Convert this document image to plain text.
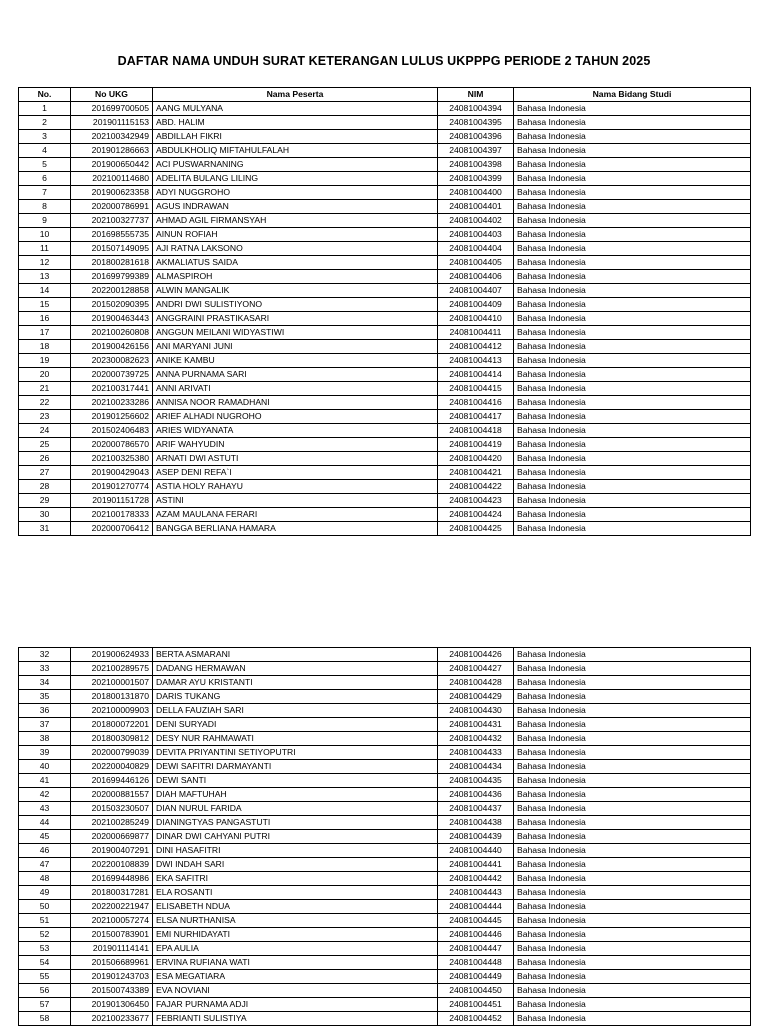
DAFTAR NAMA UNDUH SURAT KETERANGAN LULUS UKPPPG PERIODE 2 TAHUN 2025
No.	No UKG	Nama Peserta	NIM	Nama Bidang Studi
1	201699700505	AANG MULYANA	24081004394	Bahasa Indonesia
2	201901115153	ABD. HALIM	24081004395	Bahasa Indonesia
3	202100342949	ABDILLAH FIKRI	24081004396	Bahasa Indonesia
4	201901286663	ABDULKHOLIQ MIFTAHULFALAH	24081004397	Bahasa Indonesia
5	201900650442	ACI PUSWARNANING	24081004398	Bahasa Indonesia
6	202100114680	ADELITA BULANG LILING	24081004399	Bahasa Indonesia
7	201900623358	ADYI NUGGROHO	24081004400	Bahasa Indonesia
8	202000786991	AGUS INDRAWAN	24081004401	Bahasa Indonesia
9	202100327737	AHMAD AGIL FIRMANSYAH	24081004402	Bahasa Indonesia
10	201698555735	AINUN ROFIAH	24081004403	Bahasa Indonesia
11	201507149095	AJI RATNA LAKSONO	24081004404	Bahasa Indonesia
12	201800281618	AKMALIATUS SAIDA	24081004405	Bahasa Indonesia
13	201699799389	ALMASPIROH	24081004406	Bahasa Indonesia
14	202200128858	ALWIN MANGALIK	24081004407	Bahasa Indonesia
15	201502090395	ANDRI DWI SULISTIYONO	24081004409	Bahasa Indonesia
16	201900463443	ANGGRAINI PRASTIKASARI	24081004410	Bahasa Indonesia
17	202100260808	ANGGUN MEILANI WIDYASTIWI	24081004411	Bahasa Indonesia
18	201900426156	ANI MARYANI JUNI	24081004412	Bahasa Indonesia
19	202300082623	ANIKE KAMBU	24081004413	Bahasa Indonesia
20	202000739725	ANNA PURNAMA SARI	24081004414	Bahasa Indonesia
21	202100317441	ANNI ARIVATI	24081004415	Bahasa Indonesia
22	202100233286	ANNISA NOOR RAMADHANI	24081004416	Bahasa Indonesia
23	201901256602	ARIEF ALHADI NUGROHO	24081004417	Bahasa Indonesia
24	201502406483	ARIES WIDYANATA	24081004418	Bahasa Indonesia
25	202000786570	ARIF WAHYUDIN	24081004419	Bahasa Indonesia
26	202100325380	ARNATI DWI ASTUTI	24081004420	Bahasa Indonesia
27	201900429043	ASEP DENI REFA`I	24081004421	Bahasa Indonesia
28	201901270774	ASTIA HOLY RAHAYU	24081004422	Bahasa Indonesia
29	201901151728	ASTINI	24081004423	Bahasa Indonesia
30	202100178333	AZAM MAULANA FERARI	24081004424	Bahasa Indonesia
31	202000706412	BANGGA BERLIANA HAMARA	24081004425	Bahasa Indonesia
32	201900624933	BERTA ASMARANI	24081004426	Bahasa Indonesia
33	202100289575	DADANG HERMAWAN	24081004427	Bahasa Indonesia
34	202100001507	DAMAR AYU KRISTANTI	24081004428	Bahasa Indonesia
35	201800131870	DARIS TUKANG	24081004429	Bahasa Indonesia
36	202100009903	DELLA FAUZIAH SARI	24081004430	Bahasa Indonesia
37	201800072201	DENI SURYADI	24081004431	Bahasa Indonesia
38	201800309812	DESY NUR RAHMAWATI	24081004432	Bahasa Indonesia
39	202000799039	DEVITA PRIYANTINI SETIYOPUTRI	24081004433	Bahasa Indonesia
40	202200040829	DEWI SAFITRI DARMAYANTI	24081004434	Bahasa Indonesia
41	201699446126	DEWI SANTI	24081004435	Bahasa Indonesia
42	202000881557	DIAH MAFTUHAH	24081004436	Bahasa Indonesia
43	201503230507	DIAN NURUL FARIDA	24081004437	Bahasa Indonesia
44	202100285249	DIANINGTYAS PANGASTUTI	24081004438	Bahasa Indonesia
45	202000669877	DINAR DWI CAHYANI PUTRI	24081004439	Bahasa Indonesia
46	201900407291	DINI HASAFITRI	24081004440	Bahasa Indonesia
47	202200108839	DWI INDAH SARI	24081004441	Bahasa Indonesia
48	201699448986	EKA SAFITRI	24081004442	Bahasa Indonesia
49	201800317281	ELA ROSANTI	24081004443	Bahasa Indonesia
50	202200221947	ELISABETH NDUA	24081004444	Bahasa Indonesia
51	202100057274	ELSA NURTHANISA	24081004445	Bahasa Indonesia
52	201500783901	EMI NURHIDAYATI	24081004446	Bahasa Indonesia
53	201901114141	EPA AULIA	24081004447	Bahasa Indonesia
54	201506689961	ERVINA RUFIANA WATI	24081004448	Bahasa Indonesia
55	201901243703	ESA MEGATIARA	24081004449	Bahasa Indonesia
56	201500743389	EVA NOVIANI	24081004450	Bahasa Indonesia
57	201901306450	FAJAR PURNAMA ADJI	24081004451	Bahasa Indonesia
58	202100233677	FEBRIANTI SULISTIYA	24081004452	Bahasa Indonesia
